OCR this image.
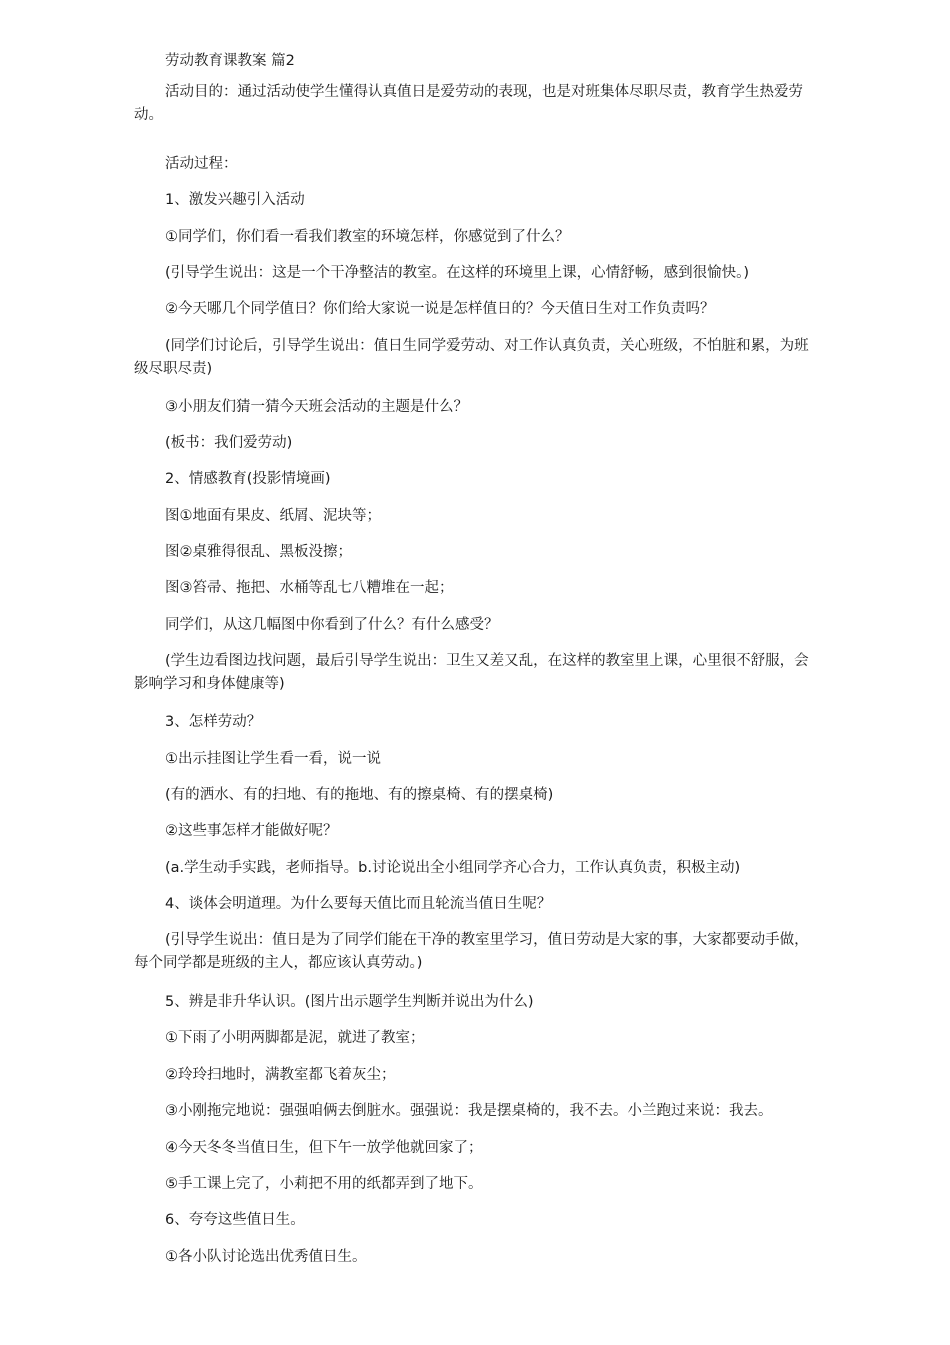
劳动教育课教案 篇2

活动目的：通过活动使学生懂得认真值日是爱劳动的表现，也是对班集体尽职尽责，教育学生热爱劳动。

活动过程：

1、激发兴趣引入活动

①同学们，你们看一看我们教室的环境怎样，你感觉到了什么？

(引导学生说出：这是一个干净整洁的教室。在这样的环境里上课，心情舒畅，感到很愉快。)

②今天哪几个同学值日？你们给大家说一说是怎样值日的？今天值日生对工作负责吗？

(同学们讨论后，引导学生说出：值日生同学爱劳动、对工作认真负责，关心班级，不怕脏和累，为班级尽职尽责)

③小朋友们猜一猜今天班会活动的主题是什么？

(板书：我们爱劳动)

2、情感教育(投影情境画)

图①地面有果皮、纸屑、泥块等；

图②桌雅得很乱、黑板没擦；

图③笞帚、拖把、水桶等乱七八糟堆在一起；

同学们，从这几幅图中你看到了什么？有什么感受？

(学生边看图边找问题，最后引导学生说出：卫生又差又乱，在这样的教室里上课，心里很不舒服，会影响学习和身体健康等)

3、怎样劳动？

①出示挂图让学生看一看，说一说

(有的洒水、有的扫地、有的拖地、有的擦桌椅、有的摆桌椅)

②这些事怎样才能做好呢？

(a.学生动手实践，老师指导。b.讨论说出全小组同学齐心合力，工作认真负责，积极主动)

4、谈体会明道理。为什么要每天值比而且轮流当值日生呢？

(引导学生说出：值日是为了同学们能在干净的教室里学习，值日劳动是大家的事，大家都要动手做，每个同学都是班级的主人，都应该认真劳动。)

5、辨是非升华认识。(图片出示题学生判断并说出为什么)

①下雨了小明两脚都是泥，就进了教室；

②玲玲扫地时，满教室都飞着灰尘；

③小刚拖完地说：强强咱俩去倒脏水。强强说：我是摆桌椅的，我不去。小兰跑过来说：我去。

④今天冬冬当值日生，但下午一放学他就回家了；

⑤手工课上完了，小莉把不用的纸都弄到了地下。

6、夸夸这些值日生。

①各小队讨论选出优秀值日生。
